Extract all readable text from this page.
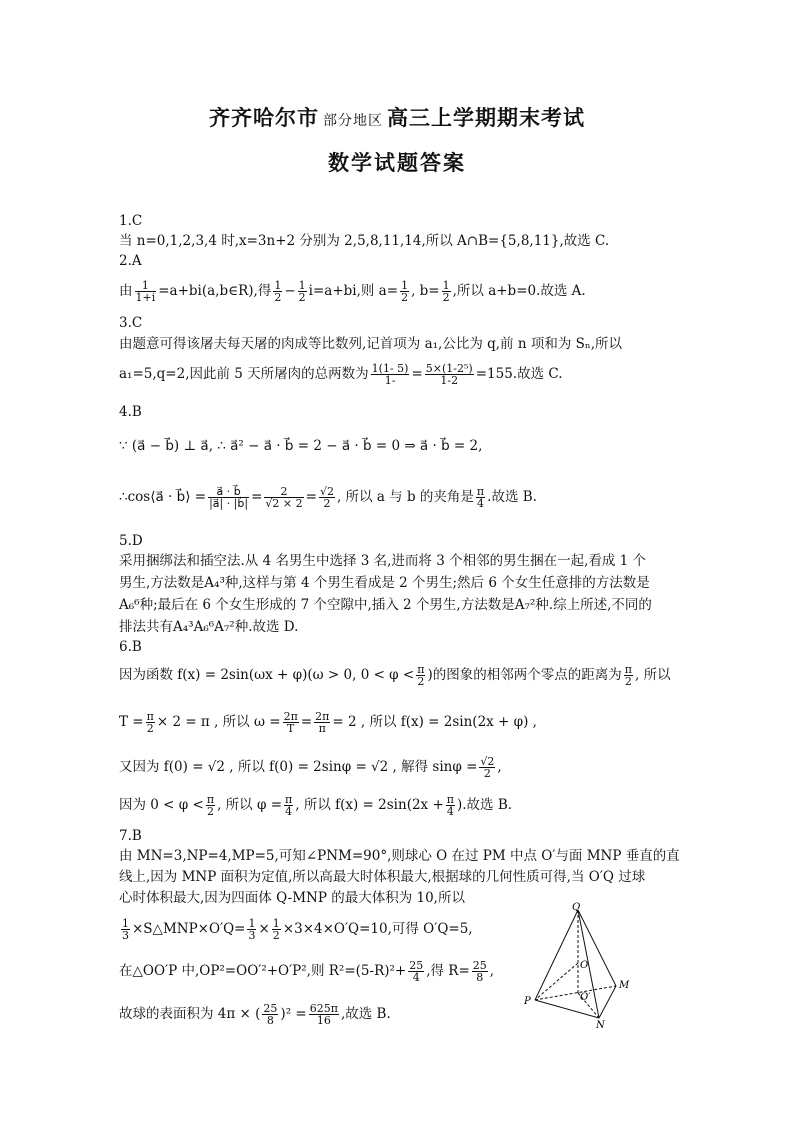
齐齐哈尔市 部分地区 高三上学期期末考试
数学试题答案
1.C
当 n=0,1,2,3,4 时,x=3n+2 分别为 2,5,8,11,14,所以 A∩B={5,8,11},故选 C.
2.A
由 $\frac{1}{1+i}$ =a+bi(a,b∈R),得 $\frac{1}{2} - \frac{1}{2} i=a+bi$,则 $a= \frac{1}{2}$ , $b= \frac{1}{2}$ ,所以 a+b=0.故选 A.
3.C
由题意可得该屠夫每天屠的肉成等比数列,记首项为 a₁,公比为 q,前 n 项和为 Sₙ,所以
a₁=5,q=2,因此前 5 天所屠肉的总两数为 $\frac{1(1- 5)}{1-} = \frac{\text{5×(1-2⁵)}}{1-2} =155$.故选 C.
4.B
∵ (a⃗ − b⃗) ⊥ a⃗, ∴ a⃗² − a⃗ · b⃗ = 2 − a⃗ · b⃗ = 0 ⇒ a⃗ · b⃗ = 2,
∴cos⟨a⃗ · b⃗⟩ = $\frac{a⃗ \cdot b⃗}{|a⃗| \cdot |b⃗|} = \frac{2}{√2 \times 2} = \frac{√2}{2}$ , 所以 a 与 b 的夹角是 $\frac{\pi}{4}$ .故选 B.
5.D
采用捆绑法和插空法.从 4 名男生中选择 3 名,进而将 3 个相邻的男生捆在一起,看成 1 个
男生,方法数是A₄³种,这样与第 4 个男生看成是 2 个男生;然后 6 个女生任意排的方法数是
A₆⁶种;最后在 6 个女生形成的 7 个空隙中,插入 2 个男生,方法数是A₇²种.综上所述,不同的
排法共有A₄³A₆⁶A₇²种.故选 D.
6.B
因为函数 f(x) = 2sin(ωx + φ)(ω > 0, $0 < \varphi < \frac{\pi}{2}$ )的图象的相邻两个零点的距离为 $\frac{\pi}{2}$ , 所以
$T = \frac{\pi}{2} \times 2 = \pi$ , 所以 $\omega = \frac{2\pi}{T} = \frac{2\pi}{\pi} = 2$ , 所以 f(x) = 2sin(2x + φ) ,
又因为 f(0) = √2 , 所以 f(0) = 2sinφ = √2 , 解得 $\sin\varphi = \frac{√2}{2}$ ,
因为 $0 < \varphi < \frac{\pi}{2}$ , 所以 $\varphi = \frac{\pi}{4}$ , 所以 $f(x) = 2\sin(2x + \frac{\pi}{4}$ ).故选 B.
7.B
由 MN=3,NP=4,MP=5,可知∠PNM=90°,则球心 O 在过 PM 中点 O′与面 MNP 垂直的直
线上,因为 MNP 面积为定值,所以高最大时体积最大,根据球的几何性质可得,当 O′Q 过球
心时体积最大,因为四面体 Q-MNP 的最大体积为 10,所以
$\frac{1}{3}$ ×S△MNP×O′Q= $\frac{1}{3} \times \frac{1}{2} \times 3\times 4\times O'Q=10$,可得 O′Q=5,
在△OO′P 中,OP²=OO′²+O′P²,则 $R^2=(5-R)^2+ \frac{25}{4}$ ,得 $R= \frac{25}{8}$ ,
故球的表面积为 4π × ( $\frac{25}{8} )^2 = \frac{625\pi}{16}$ ,故选 B.
Q
O
O′
P
M
N
